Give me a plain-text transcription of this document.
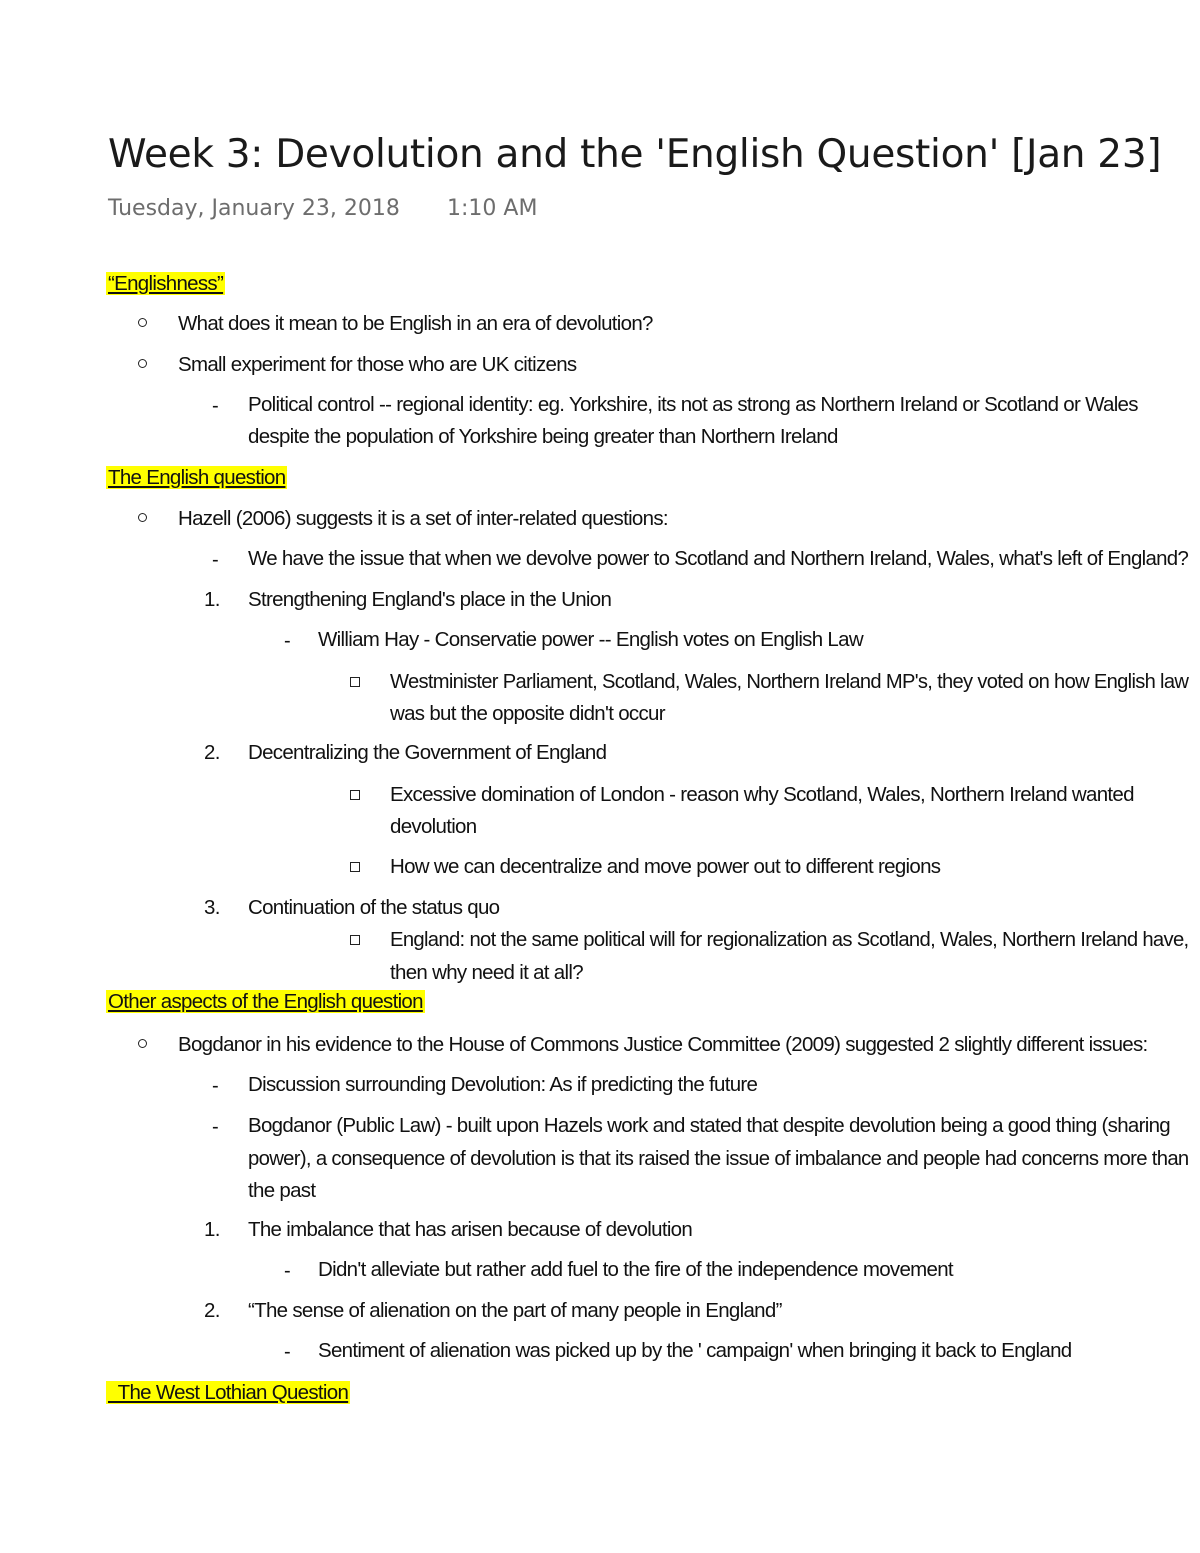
Week 3: Devolution and the 'English Question' [Jan 23]
Tuesday, January 23, 2018 1:10 AM
“Englishness”
What does it mean to be English in an era of devolution?
Small experiment for those who are UK citizens
- Political control -- regional identity: eg. Yorkshire, its not as strong as Northern Ireland or Scotland or Wales
despite the population of Yorkshire being greater than Northern Ireland
The English question
Hazell (2006) suggests it is a set of inter-related questions:
- We have the issue that when we devolve power to Scotland and Northern Ireland, Wales, what's left of England?
1. Strengthening England's place in the Union
- William Hay - Conservatie power -- English votes on English Law
Westminister Parliament, Scotland, Wales, Northern Ireland MP's, they voted on how English law
was but the opposite didn't occur
2. Decentralizing the Government of England
Excessive domination of London - reason why Scotland, Wales, Northern Ireland wanted
devolution
How we can decentralize and move power out to different regions
3. Continuation of the status quo
England: not the same political will for regionalization as Scotland, Wales, Northern Ireland have,
then why need it at all?
Other aspects of the English question
Bogdanor in his evidence to the House of Commons Justice Committee (2009) suggested 2 slightly different issues:
- Discussion surrounding Devolution: As if predicting the future
- Bogdanor (Public Law) - built upon Hazels work and stated that despite devolution being a good thing (sharing
power), a consequence of devolution is that its raised the issue of imbalance and people had concerns more than
the past
1. The imbalance that has arisen because of devolution
- Didn't alleviate but rather add fuel to the fire of the independence movement
2. “The sense of alienation on the part of many people in England”
- Sentiment of alienation was picked up by the ' campaign' when bringing it back to England
The West Lothian Question
